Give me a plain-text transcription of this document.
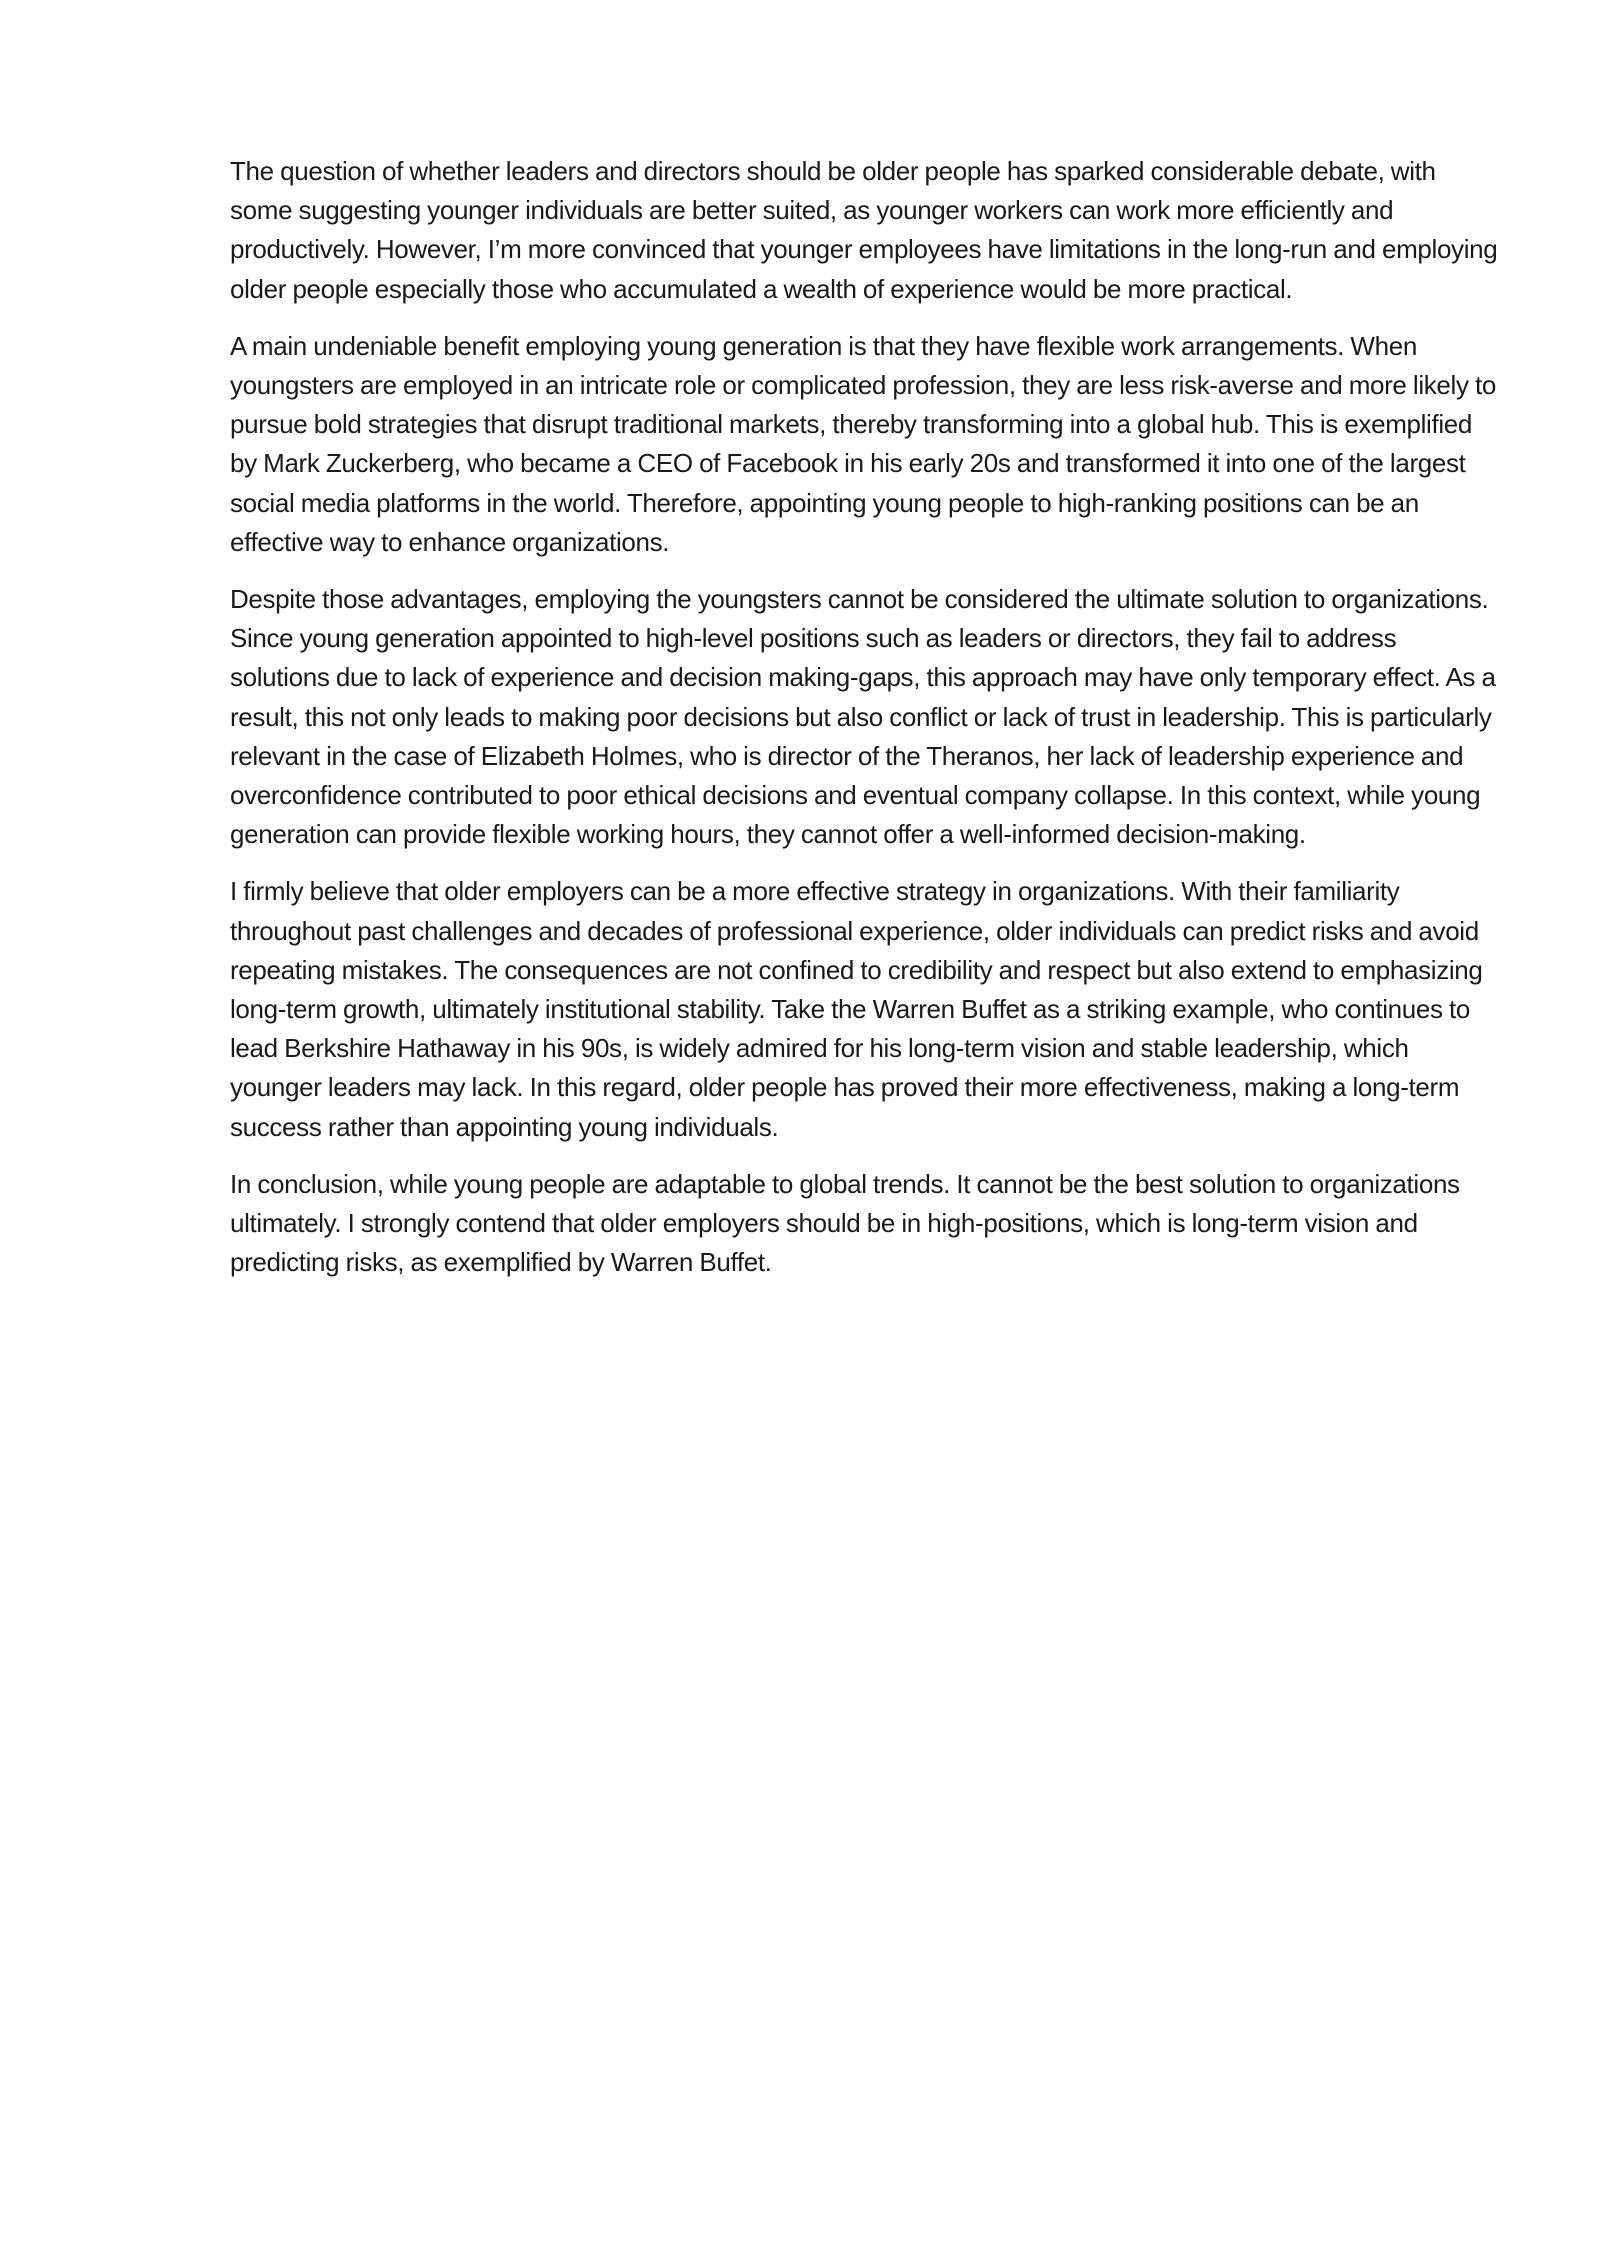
The question of whether leaders and directors should be older people has sparked considerable debate, with some suggesting younger individuals are better suited, as younger workers can work more efficiently and productively. However, I’m more convinced that younger employees have limitations in the long-run and employing older people especially those who accumulated a wealth of experience would be more practical.

A main undeniable benefit employing young generation is that they have flexible work arrangements. When youngsters are employed in an intricate role or complicated profession, they are less risk-averse and more likely to pursue bold strategies that disrupt traditional markets, thereby transforming into a global hub. This is exemplified by Mark Zuckerberg, who became a CEO of Facebook in his early 20s and transformed it into one of the largest social media platforms in the world. Therefore, appointing young people to high-ranking positions can be an effective way to enhance organizations.

Despite those advantages, employing the youngsters cannot be considered the ultimate solution to organizations. Since young generation appointed to high-level positions such as leaders or directors, they fail to address solutions due to lack of experience and decision making-gaps, this approach may have only temporary effect. As a result, this not only leads to making poor decisions but also conflict or lack of trust in leadership. This is particularly relevant in the case of Elizabeth Holmes, who is director of the Theranos, her lack of leadership experience and overconfidence contributed to poor ethical decisions and eventual company collapse. In this context, while young generation can provide flexible working hours, they cannot offer a well-informed decision-making.

I firmly believe that older employers can be a more effective strategy in organizations. With their familiarity throughout past challenges and decades of professional experience, older individuals can predict risks and avoid repeating mistakes. The consequences are not confined to credibility and respect but also extend to emphasizing long-term growth, ultimately institutional stability. Take the Warren Buffet as a striking example, who continues to lead Berkshire Hathaway in his 90s, is widely admired for his long-term vision and stable leadership, which younger leaders may lack. In this regard, older people has proved their more effectiveness, making a long-term success rather than appointing young individuals.

In conclusion, while young people are adaptable to global trends. It cannot be the best solution to organizations ultimately. I strongly contend that older employers should be in high-positions, which is long-term vision and predicting risks, as exemplified by Warren Buffet.
